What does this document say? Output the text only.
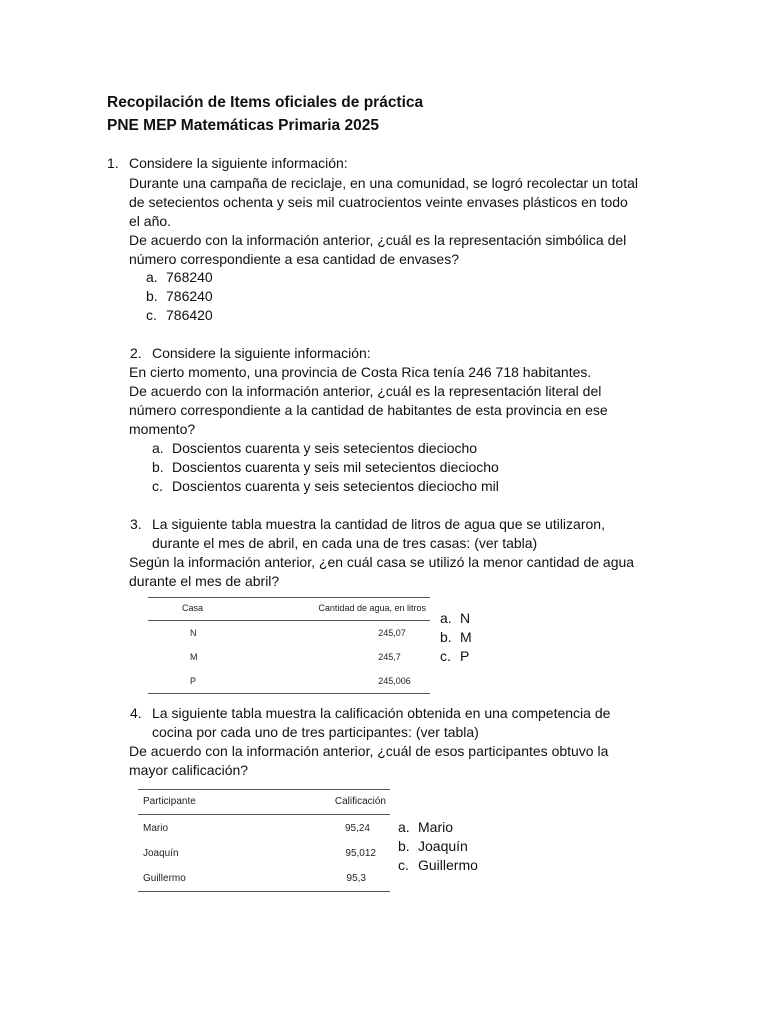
Recopilación de Items oficiales de práctica
PNE MEP Matemáticas Primaria 2025
1. Considere la siguiente información:
Durante una campaña de reciclaje, en una comunidad, se logró recolectar un total
de setecientos ochenta y seis mil cuatrocientos veinte envases plásticos en todo
el año.
De acuerdo con la información anterior, ¿cuál es la representación simbólica del
número correspondiente a esa cantidad de envases?
a. 768240
b. 786240
c. 786420
2. Considere la siguiente información:
En cierto momento, una provincia de Costa Rica tenía 246 718 habitantes.
De acuerdo con la información anterior, ¿cuál es la representación literal del
número correspondiente a la cantidad de habitantes de esta provincia en ese
momento?
a. Doscientos cuarenta y seis setecientos dieciocho
b. Doscientos cuarenta y seis mil setecientos dieciocho
c. Doscientos cuarenta y seis setecientos dieciocho mil
3. La siguiente tabla muestra la cantidad de litros de agua que se utilizaron,
durante el mes de abril, en cada una de tres casas: (ver tabla)
Según la información anterior, ¿en cuál casa se utilizó la menor cantidad de agua
durante el mes de abril?
Casa	Cantidad de agua, en litros
N	245,07
M	245,7
P	245,006
a. N
b. M
c. P
4. La siguiente tabla muestra la calificación obtenida en una competencia de
cocina por cada uno de tres participantes: (ver tabla)
De acuerdo con la información anterior, ¿cuál de esos participantes obtuvo la
mayor calificación?
Participante	Calificación
Mario	95,24
Joaquín	95,012
Guillermo	95,3
a. Mario
b. Joaquín
c. Guillermo
